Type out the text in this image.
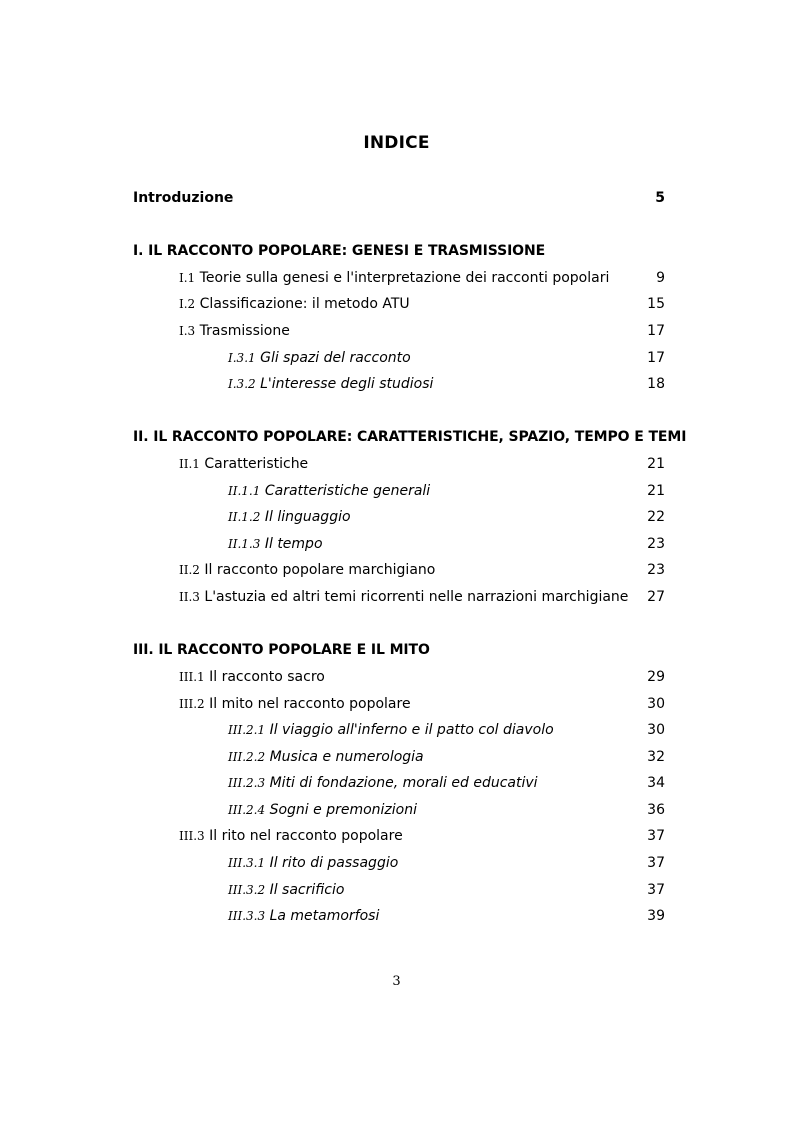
INDICE
Introduzione	5
I. IL RACCONTO POPOLARE: GENESI E TRASMISSIONE
I.1 Teorie sulla genesi e l'interpretazione dei racconti popolari	9
I.2 Classificazione: il metodo ATU	15
I.3 Trasmissione	17
I.3.1 Gli spazi del racconto	17
I.3.2 L'interesse degli studiosi	18
II. IL RACCONTO POPOLARE: CARATTERISTICHE, SPAZIO, TEMPO E TEMI
II.1 Caratteristiche	21
II.1.1 Caratteristiche generali	21
II.1.2 Il linguaggio	22
II.1.3 Il tempo	23
II.2 Il racconto popolare marchigiano	23
II.3 L'astuzia ed altri temi ricorrenti nelle narrazioni marchigiane 27
III. IL RACCONTO POPOLARE E IL MITO
III.1 Il racconto sacro	29
III.2 Il mito nel racconto popolare	30
III.2.1 Il viaggio all'inferno e il patto col diavolo	30
III.2.2 Musica e numerologia	32
III.2.3 Miti di fondazione, morali ed educativi	34
III.2.4 Sogni e premonizioni	36
III.3 Il rito nel racconto popolare	37
III.3.1 Il rito di passaggio	37
III.3.2 Il sacrificio	37
III.3.3 La metamorfosi	39
3
